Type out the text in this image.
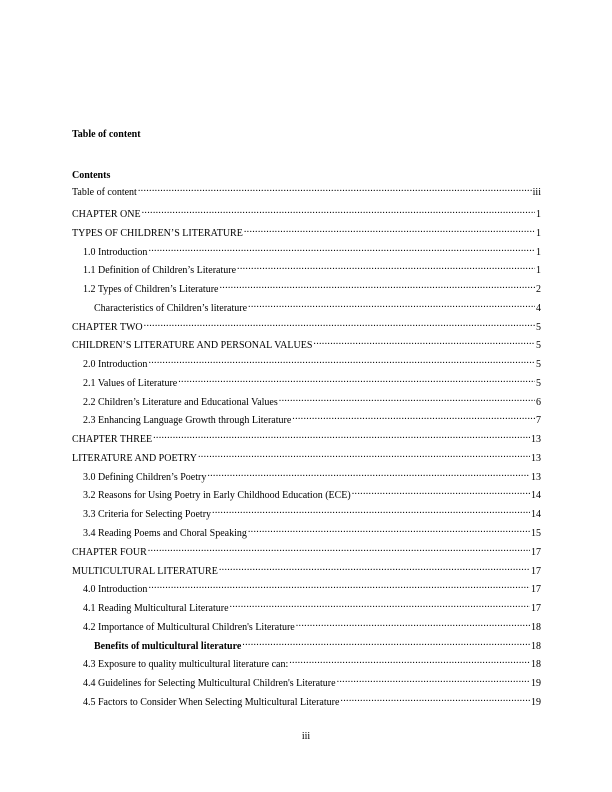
Table of content
Contents
Table of content .....	iii
CHAPTER ONE .....	1
TYPES OF CHILDREN’S LITERATURE .....	1
1.0 Introduction .....	1
1.1 Definition of Children’s Literature .....	1
1.2 Types of Children’s Literature .....	2
Characteristics of Children’s literature .....	4
CHAPTER TWO .....	5
CHILDREN’S LITERATURE AND PERSONAL VALUES .....	5
2.0 Introduction .....	5
2.1 Values of Literature .....	5
2.2 Children’s Literature and Educational Values .....	6
2.3 Enhancing Language Growth through Literature .....	7
CHAPTER THREE .....	13
LITERATURE AND POETRY .....	13
3.0 Defining Children’s Poetry .....	13
3.2 Reasons for Using Poetry in Early Childhood Education (ECE) .....	14
3.3 Criteria for Selecting Poetry .....	14
3.4 Reading Poems and Choral Speaking .....	15
CHAPTER FOUR .....	17
MULTICULTURAL LITERATURE .....	17
4.0 Introduction .....	17
4.1 Reading Multicultural Literature .....	17
4.2 Importance of Multicultural Children's Literature .....	18
Benefits of multicultural literature .....	18
4.3 Exposure to quality multicultural literature can: .....	18
4.4 Guidelines for Selecting Multicultural Children's Literature .....	19
4.5 Factors to Consider When Selecting Multicultural Literature .....	19
iii
